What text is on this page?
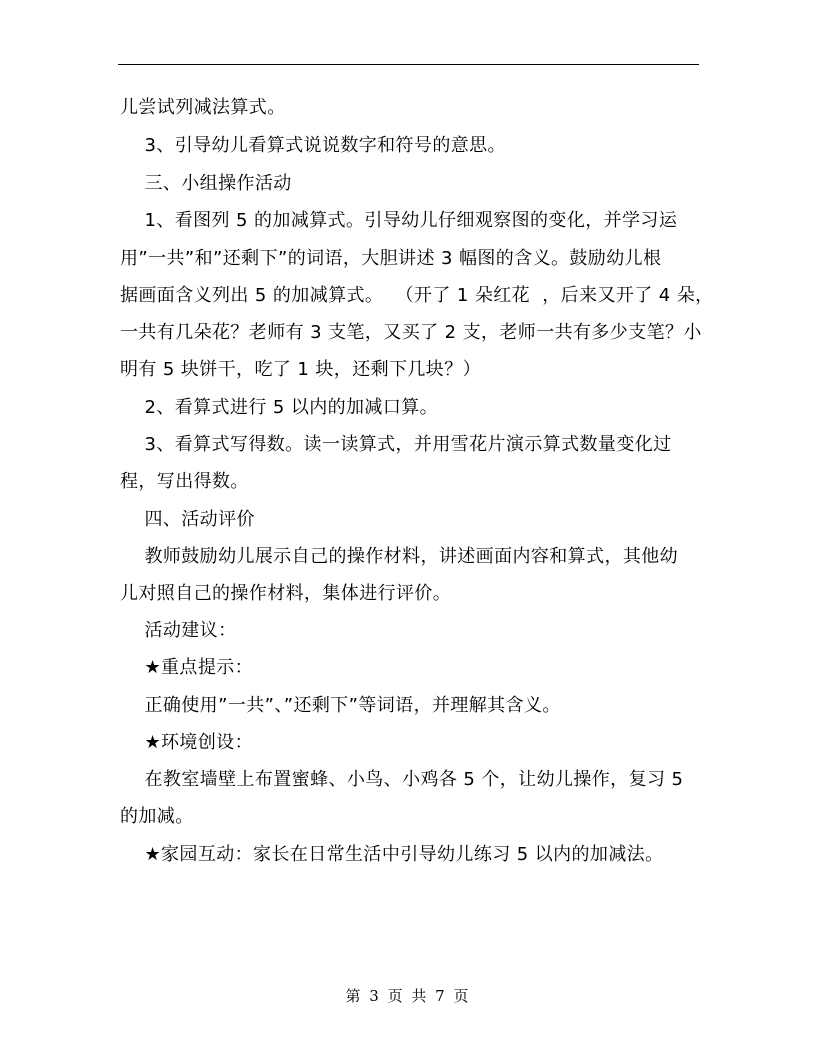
儿尝试列减法算式。
3、引导幼儿看算式说说数字和符号的意思。
三、小组操作活动
1、看图列 5 的加减算式。引导幼儿仔细观察图的变化，并学习运
用”一共”和”还剩下”的词语，大胆讲述 3 幅图的含义。鼓励幼儿根
据画面含义列出 5 的加减算式。  （开了 1 朵红花  ，后来又开了 4 朵，
一共有几朵花？老师有 3 支笔，又买了 2 支，老师一共有多少支笔？小
明有 5 块饼干，吃了 1 块，还剩下几块？）
2、看算式进行 5 以内的加减口算。
3、看算式写得数。读一读算式，并用雪花片演示算式数量变化过
程，写出得数。
四、活动评价
教师鼓励幼儿展示自己的操作材料，讲述画面内容和算式，其他幼
儿对照自己的操作材料，集体进行评价。
活动建议：
★重点提示：
正确使用”一共”、”还剩下”等词语，并理解其含义。
★环境创设：
在教室墙壁上布置蜜蜂、小鸟、小鸡各 5 个，让幼儿操作，复习 5
的加减。
★家园互动：家长在日常生活中引导幼儿练习 5 以内的加减法。
第 3 页 共 7 页
